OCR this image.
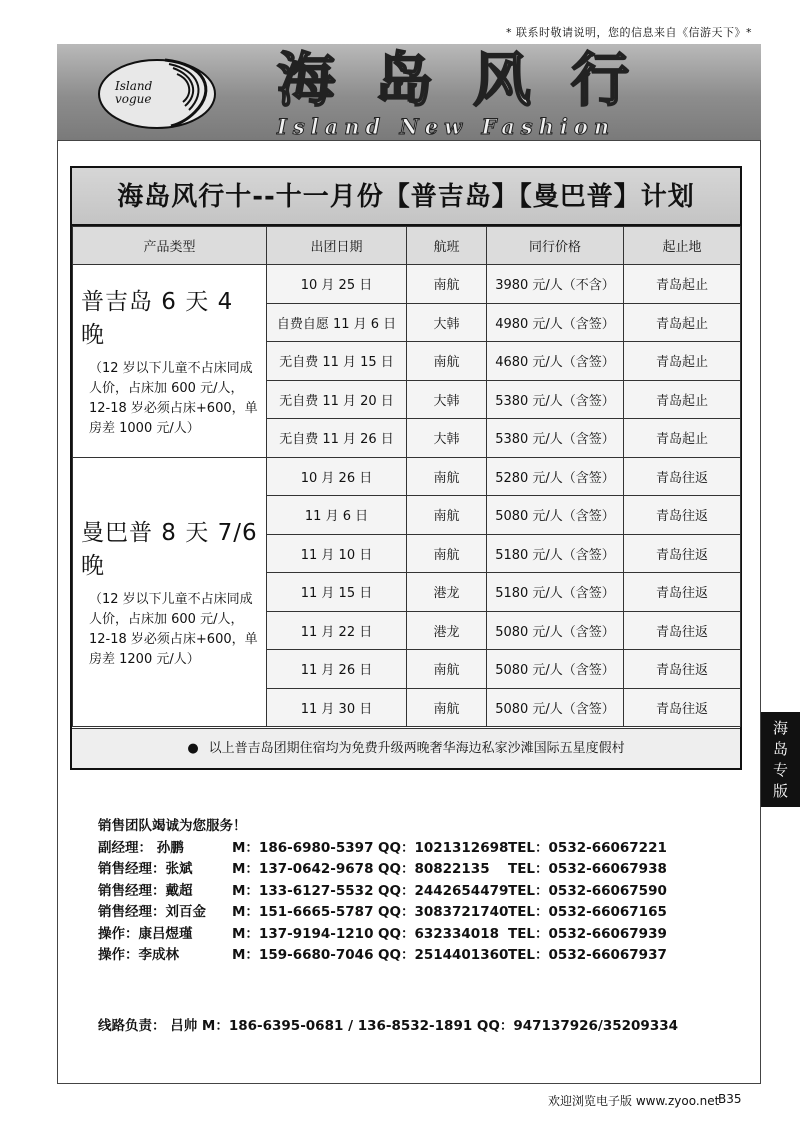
* 联系时敬请说明，您的信息来自《信游天下》*
Island
vogue	海岛风行
Island New Fashion
海岛风行十--十一月份【普吉岛】【曼巴普】计划
产品类型	出团日期	航班	同行价格	起止地

普吉岛 6 天 4 晚
（12 岁以下儿童不占床同成人价，占床加 600 元/人，12-18 岁必须占床+600，单房差 1000 元/人）	10 月 25 日	南航	3980 元/人（不含）	青岛起止
	自费自愿 11 月 6 日	大韩	4980 元/人（含签）	青岛起止
	无自费 11 月 15 日	南航	4680 元/人（含签）	青岛起止
	无自费 11 月 20 日	大韩	5380 元/人（含签）	青岛起止
	无自费 11 月 26 日	大韩	5380 元/人（含签）	青岛起止

曼巴普 8 天 7/6 晚
（12 岁以下儿童不占床同成人价，占床加 600 元/人，12-18 岁必须占床+600，单房差 1200 元/人）	10 月 26 日	南航	5280 元/人（含签）	青岛往返
	11 月 6 日	南航	5080 元/人（含签）	青岛往返
	11 月 10 日	南航	5180 元/人（含签）	青岛往返
	11 月 15 日	港龙	5180 元/人（含签）	青岛往返
	11 月 22 日	港龙	5080 元/人（含签）	青岛往返
	11 月 26 日	南航	5080 元/人（含签）	青岛往返
	11 月 30 日	南航	5080 元/人（含签）	青岛往返
● 以上普吉岛团期住宿均为免费升级两晚奢华海边私家沙滩国际五星度假村
销售团队竭诚为您服务！
副经理： 孙鹏	M：186-6980-5397 QQ：1021312698 TEL：0532-66067221
销售经理：张斌	M：137-0642-9678 QQ：80822135 TEL：0532-66067938
销售经理：戴超	M：133-6127-5532 QQ：2442654479 TEL：0532-66067590
销售经理：刘百金 M：151-6665-5787 QQ：3083721740 TEL：0532-66067165
操作：康吕煜瑾	M：137-9194-1210 QQ：632334018 TEL：0532-66067939
操作：李成林	M：159-6680-7046 QQ：2514401360 TEL：0532-66067937
线路负责： 吕帅 M：186-6395-0681 / 136-8532-1891 QQ：947137926/35209334
海
岛
专
版
欢迎浏览电子版 www.zyoo.net
B35
